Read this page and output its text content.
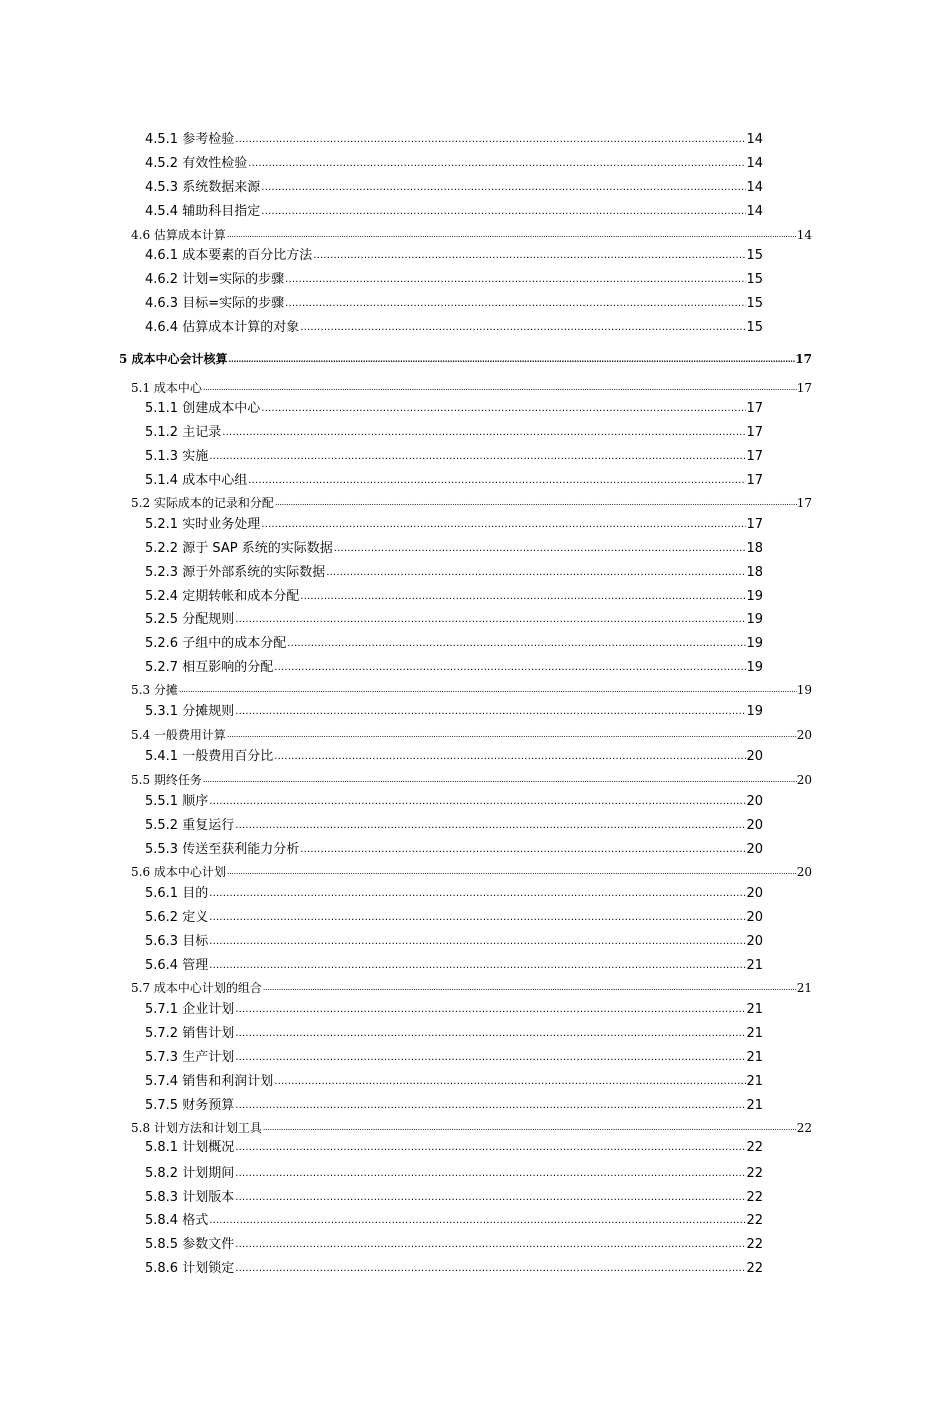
4.5.1 参考检验 .....	14
4.5.2 有效性检验 .....	14
4.5.3 系统数据来源 .....	14
4.5.4 辅助科目指定 .....	14
4.6 估算成本计算 .....	14
4.6.1 成本要素的百分比方法 .....	15
4.6.2 计划=实际的步骤 .....	15
4.6.3 目标=实际的步骤 .....	15
4.6.4 估算成本计算的对象 .....	15
5 成本中心会计核算 .....	17
5.1 成本中心 .....	17
5.1.1 创建成本中心 .....	17
5.1.2 主记录 .....	17
5.1.3 实施 .....	17
5.1.4 成本中心组 .....	17
5.2 实际成本的记录和分配 .....	17
5.2.1 实时业务处理 .....	17
5.2.2 源于 SAP 系统的实际数据 .....	18
5.2.3 源于外部系统的实际数据 .....	18
5.2.4 定期转帐和成本分配 .....	19
5.2.5 分配规则 .....	19
5.2.6 子组中的成本分配 .....	19
5.2.7 相互影响的分配 .....	19
5.3 分摊 .....	19
5.3.1 分摊规则 .....	19
5.4 一般费用计算 .....	20
5.4.1 一般费用百分比 .....	20
5.5 期终任务 .....	20
5.5.1 顺序 .....	20
5.5.2 重复运行 .....	20
5.5.3 传送至获利能力分析 .....	20
5.6 成本中心计划 .....	20
5.6.1 目的 .....	20
5.6.2 定义 .....	20
5.6.3 目标 .....	20
5.6.4 管理 .....	21
5.7 成本中心计划的组合 .....	21
5.7.1 企业计划 .....	21
5.7.2 销售计划 .....	21
5.7.3 生产计划 .....	21
5.7.4 销售和利润计划 .....	21
5.7.5 财务预算 .....	21
5.8 计划方法和计划工具 .....	22
5.8.1 计划概况 .....	22
5.8.2 计划期间 .....	22
5.8.3 计划版本 .....	22
5.8.4 格式 .....	22
5.8.5 参数文件 .....	22
5.8.6 计划锁定 .....	22
